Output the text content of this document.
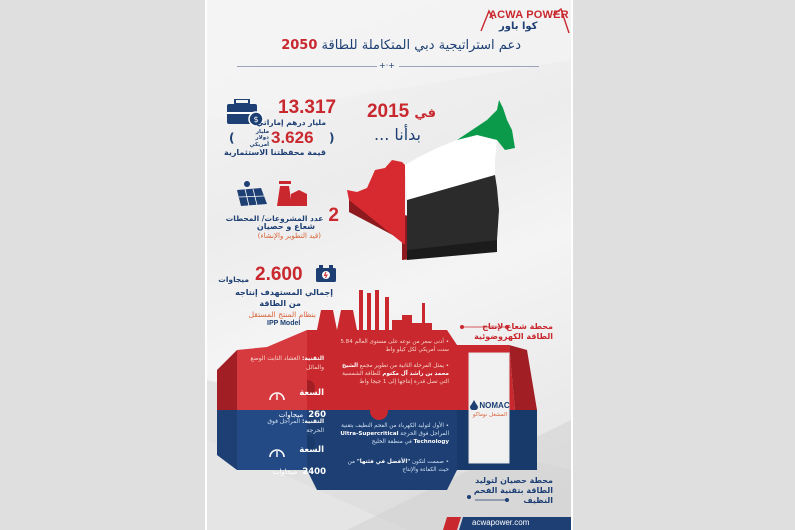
ACWA POWER
كوا باور
دعم استراتيجية دبي المتكاملة للطاقة 2050
+·+
في 2015
بدأنا ...
$
13.317
مليار درهم إماراتي
(	مليار
دولار أمريكي 3.626 )
قيمة محفظتنا الاستثمارية
2 عدد المشروعات/ المحطات
شعاع و حصيان
(قيد التطوير والإنشاء)
2.600
ميجاوات
إجمالي المستهدف إنتاجه
من الطاقة
بنظام المنتج المستقل
IPP Model
التقنية: العشاد الثابت الوضع والمائل
السعة
260 ميجاوات
التقنية: المراجل فوق الحرجة
السعة
2400 ميجاوات
• أدنى سعر من نوعه على مستوى العالم 5.84 سنت أمريكي لكل كيلو واط
• يمثل المرحلة الثانية من تطوير مجمع الشيخ محمد بن راشد آل مكتوم للطاقة الشمسية التي تصل قدرة إنتاجها إلى 1 جيجا واط
• الأول لتوليد الكهرباء من الفحم النظيف بتقنية المراجل فوق الحرجة Ultra-Supercritical Technology في منطقة الخليج
• صممت لتكون "الأفضل في فئتها" من حيث الكفاءة والإنتاج
محطة شعاع لإنتاج الطاقة الكهروضوئية
محطة حصيان لتوليد الطاقة بتقنية الفحم النظيف
NOMAC
المشغل نوماكو
acwapower.com
